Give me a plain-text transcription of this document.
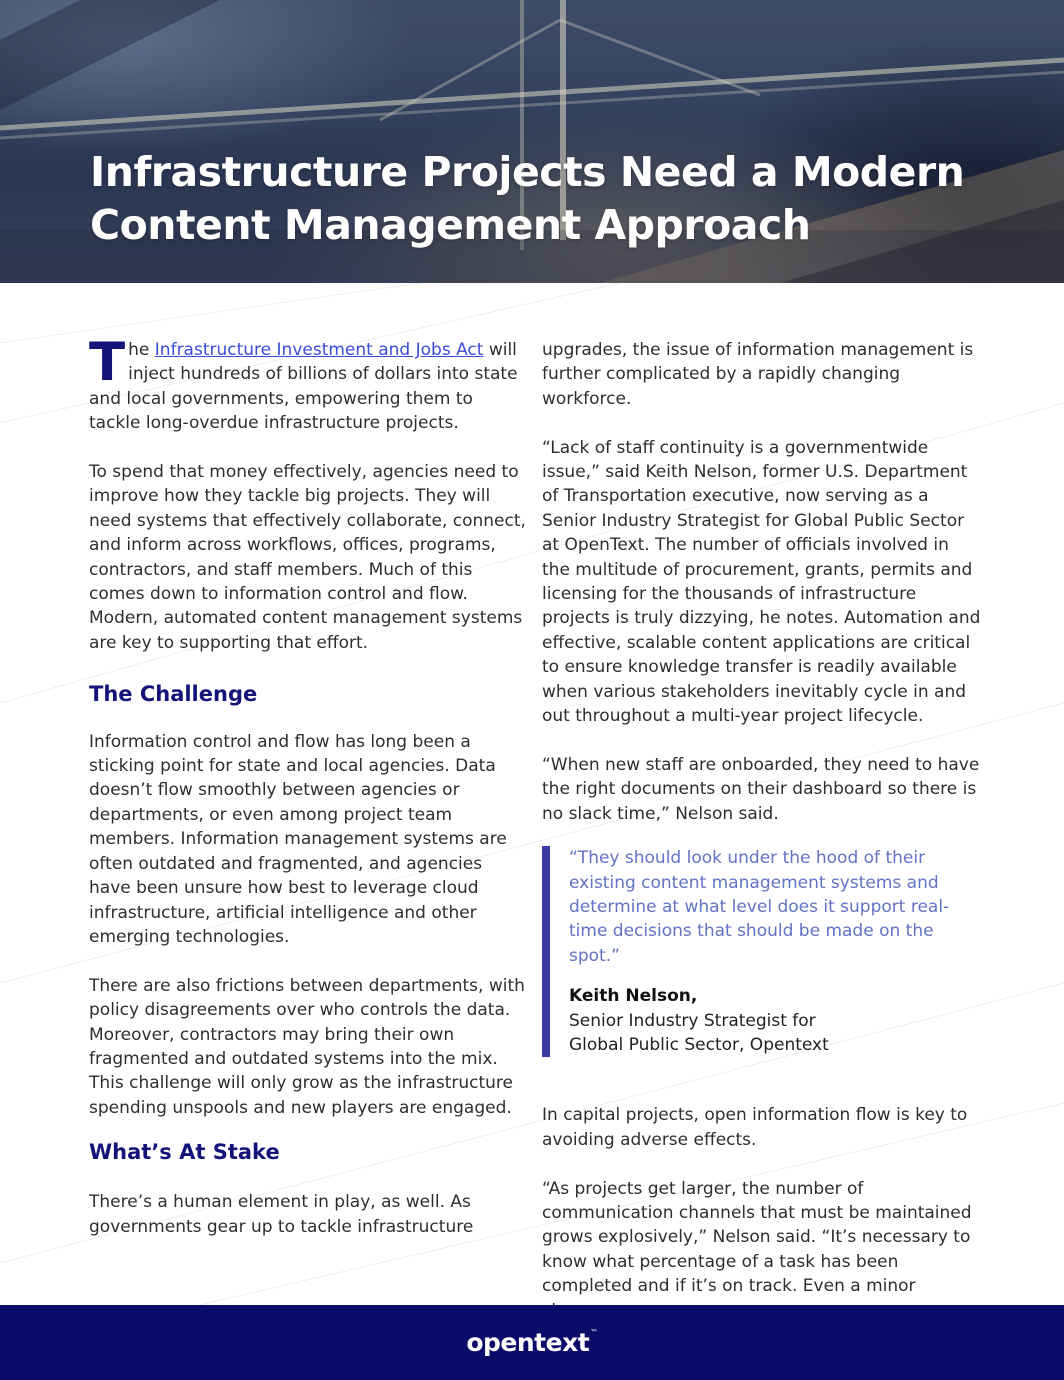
Infrastructure Projects Need a Modern
Content Management Approach
The Infrastructure Investment and Jobs Act will inject hundreds of billions of dollars into state and local governments, empowering them to tackle long-overdue infrastructure projects.
To spend that money effectively, agencies need to improve how they tackle big projects. They will need systems that effectively collaborate, connect, and inform across workflows, offices, programs, contractors, and staff members. Much of this comes down to information control and flow. Modern, automated content management systems are key to supporting that effort.
The Challenge
Information control and flow has long been a sticking point for state and local agencies. Data doesn’t flow smoothly between agencies or departments, or even among project team members. Information management systems are often outdated and fragmented, and agencies have been unsure how best to leverage cloud infrastructure, artificial intelligence and other emerging technologies.
There are also frictions between departments, with policy disagreements over who controls the data. Moreover, contractors may bring their own fragmented and outdated systems into the mix. This challenge will only grow as the infrastructure spending unspools and new players are engaged.
What’s At Stake
There’s a human element in play, as well. As governments gear up to tackle infrastructure
upgrades, the issue of information management is further complicated by a rapidly changing workforce.
“Lack of staff continuity is a governmentwide issue,” said Keith Nelson, former U.S. Department of Transportation executive, now serving as a Senior Industry Strategist for Global Public Sector at OpenText. The number of officials involved in the multitude of procurement, grants, permits and licensing for the thousands of infrastructure projects is truly dizzying, he notes. Automation and effective, scalable content applications are critical to ensure knowledge transfer is readily available when various stakeholders inevitably cycle in and out throughout a multi-year project lifecycle.
“When new staff are onboarded, they need to have the right documents on their dashboard so there is no slack time,” Nelson said.
“They should look under the hood of their existing content management systems and determine at what level does it support real-time decisions that should be made on the spot.”
Keith Nelson,
Senior Industry Strategist for
Global Public Sector, Opentext
In capital projects, open information flow is key to avoiding adverse effects.
“As projects get larger, the number of communication channels that must be maintained grows explosively,” Nelson said. “It’s necessary to know what percentage of a task has been completed and if it’s on track. Even a minor
opentext™
